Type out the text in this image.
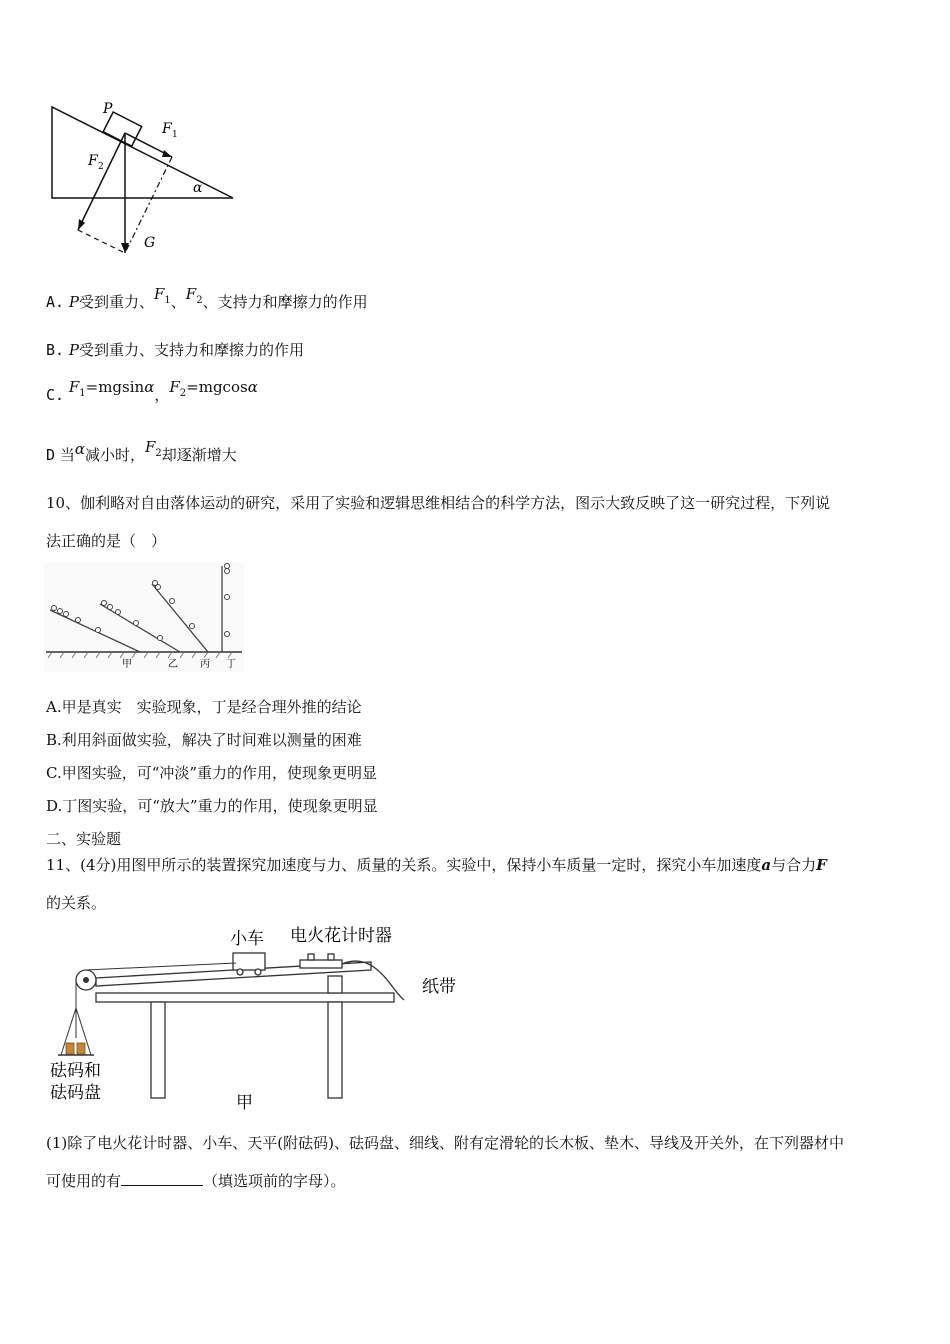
P
F 1
F 2
G
α
A. P受到重力、$F_1$、$F_2$、支持力和摩擦力的作用
B. P受到重力、支持力和摩擦力的作用
C. $F_1=mgsin\alpha$，$F_2=mgcos\alpha$
D 当α减小时，$F_2$却逐渐增大
10、伽利略对自由落体运动的研究，采用了实验和逻辑思维相结合的科学方法，图示大致反映了这一研究过程，下列说
法正确的是（　）
甲	乙 丙 丁
A.甲是真实　实验现象，丁是经合理外推的结论
B.利用斜面做实验，解决了时间难以测量的困难
C.甲图实验，可“冲淡”重力的作用，使现象更明显
D.丁图实验，可“放大”重力的作用，使现象更明显
二、实验题
11、(4分)用图甲所示的装置探究加速度与力、质量的关系。实验中，保持小车质量一定时，探究小车加速度a与合力F
的关系。
小车 电火花计时器
纸带
砝码和
砝码盘	甲
(1)除了电火花计时器、小车、天平(附砝码)、砝码盘、细线、附有定滑轮的长木板、垫木、导线及开关外，在下列器材中
可使用的有	（填选项前的字母）。
